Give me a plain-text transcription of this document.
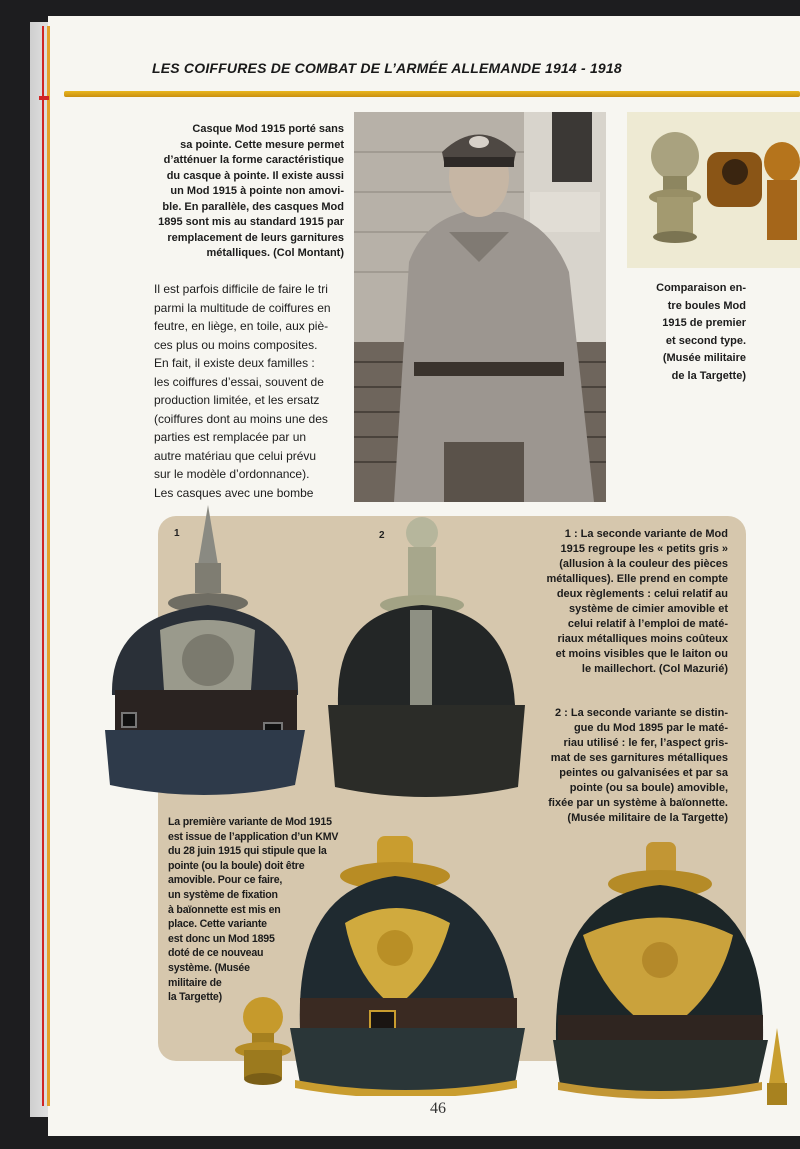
LES COIFFURES DE COMBAT DE L’ARMÉE ALLEMANDE 1914 - 1918
Casque Mod 1915 porté sans
sa pointe. Cette mesure permet
d’atténuer la forme caractéristique
du casque à pointe. Il existe aussi
un Mod 1915 à pointe non amovi-
ble. En parallèle, des casques Mod
1895 sont mis au standard 1915 par
remplacement de leurs garnitures
métalliques. (Col Montant)
Il est parfois difficile de faire le tri
parmi la multitude de coiffures en
feutre, en liège, en toile, aux piè-
ces plus ou moins composites.
En fait, il existe deux familles :
les coiffures d’essai, souvent de
production limitée, et les ersatz
(coiffures dont au moins une des
parties est remplacée par un
autre matériau que celui prévu
sur le modèle d’ordonnance).
Les casques avec une bombe
Comparaison en-
tre boules Mod
1915 de premier
et second type.
(Musée militaire
de la Targette)
1	2	1 : La seconde variante de Mod
1915 regroupe les « petits gris »
(allusion à la couleur des pièces
métalliques). Elle prend en compte
deux règlements : celui relatif au
système de cimier amovible et
celui relatif à l’emploi de maté-
riaux métalliques moins coûteux
et moins visibles que le laiton ou
le maillechort. (Col Mazurié)
2 : La seconde variante se distin-
gue du Mod 1895 par le maté-
riau utilisé : le fer, l’aspect gris-
mat de ses garnitures métalliques
peintes ou galvanisées et par sa
pointe (ou sa boule) amovible,
fixée par un système à baïonnette.
(Musée militaire de la Targette)
La première variante de Mod 1915
est issue de l’application d’un KMV
du 28 juin 1915 qui stipule que la
pointe (ou la boule) doit être
amovible. Pour ce faire,
un système de fixation
à baïonnette est mis en
place. Cette variante
est donc un Mod 1895
doté de ce nouveau
système. (Musée
militaire de
la Targette)
46
